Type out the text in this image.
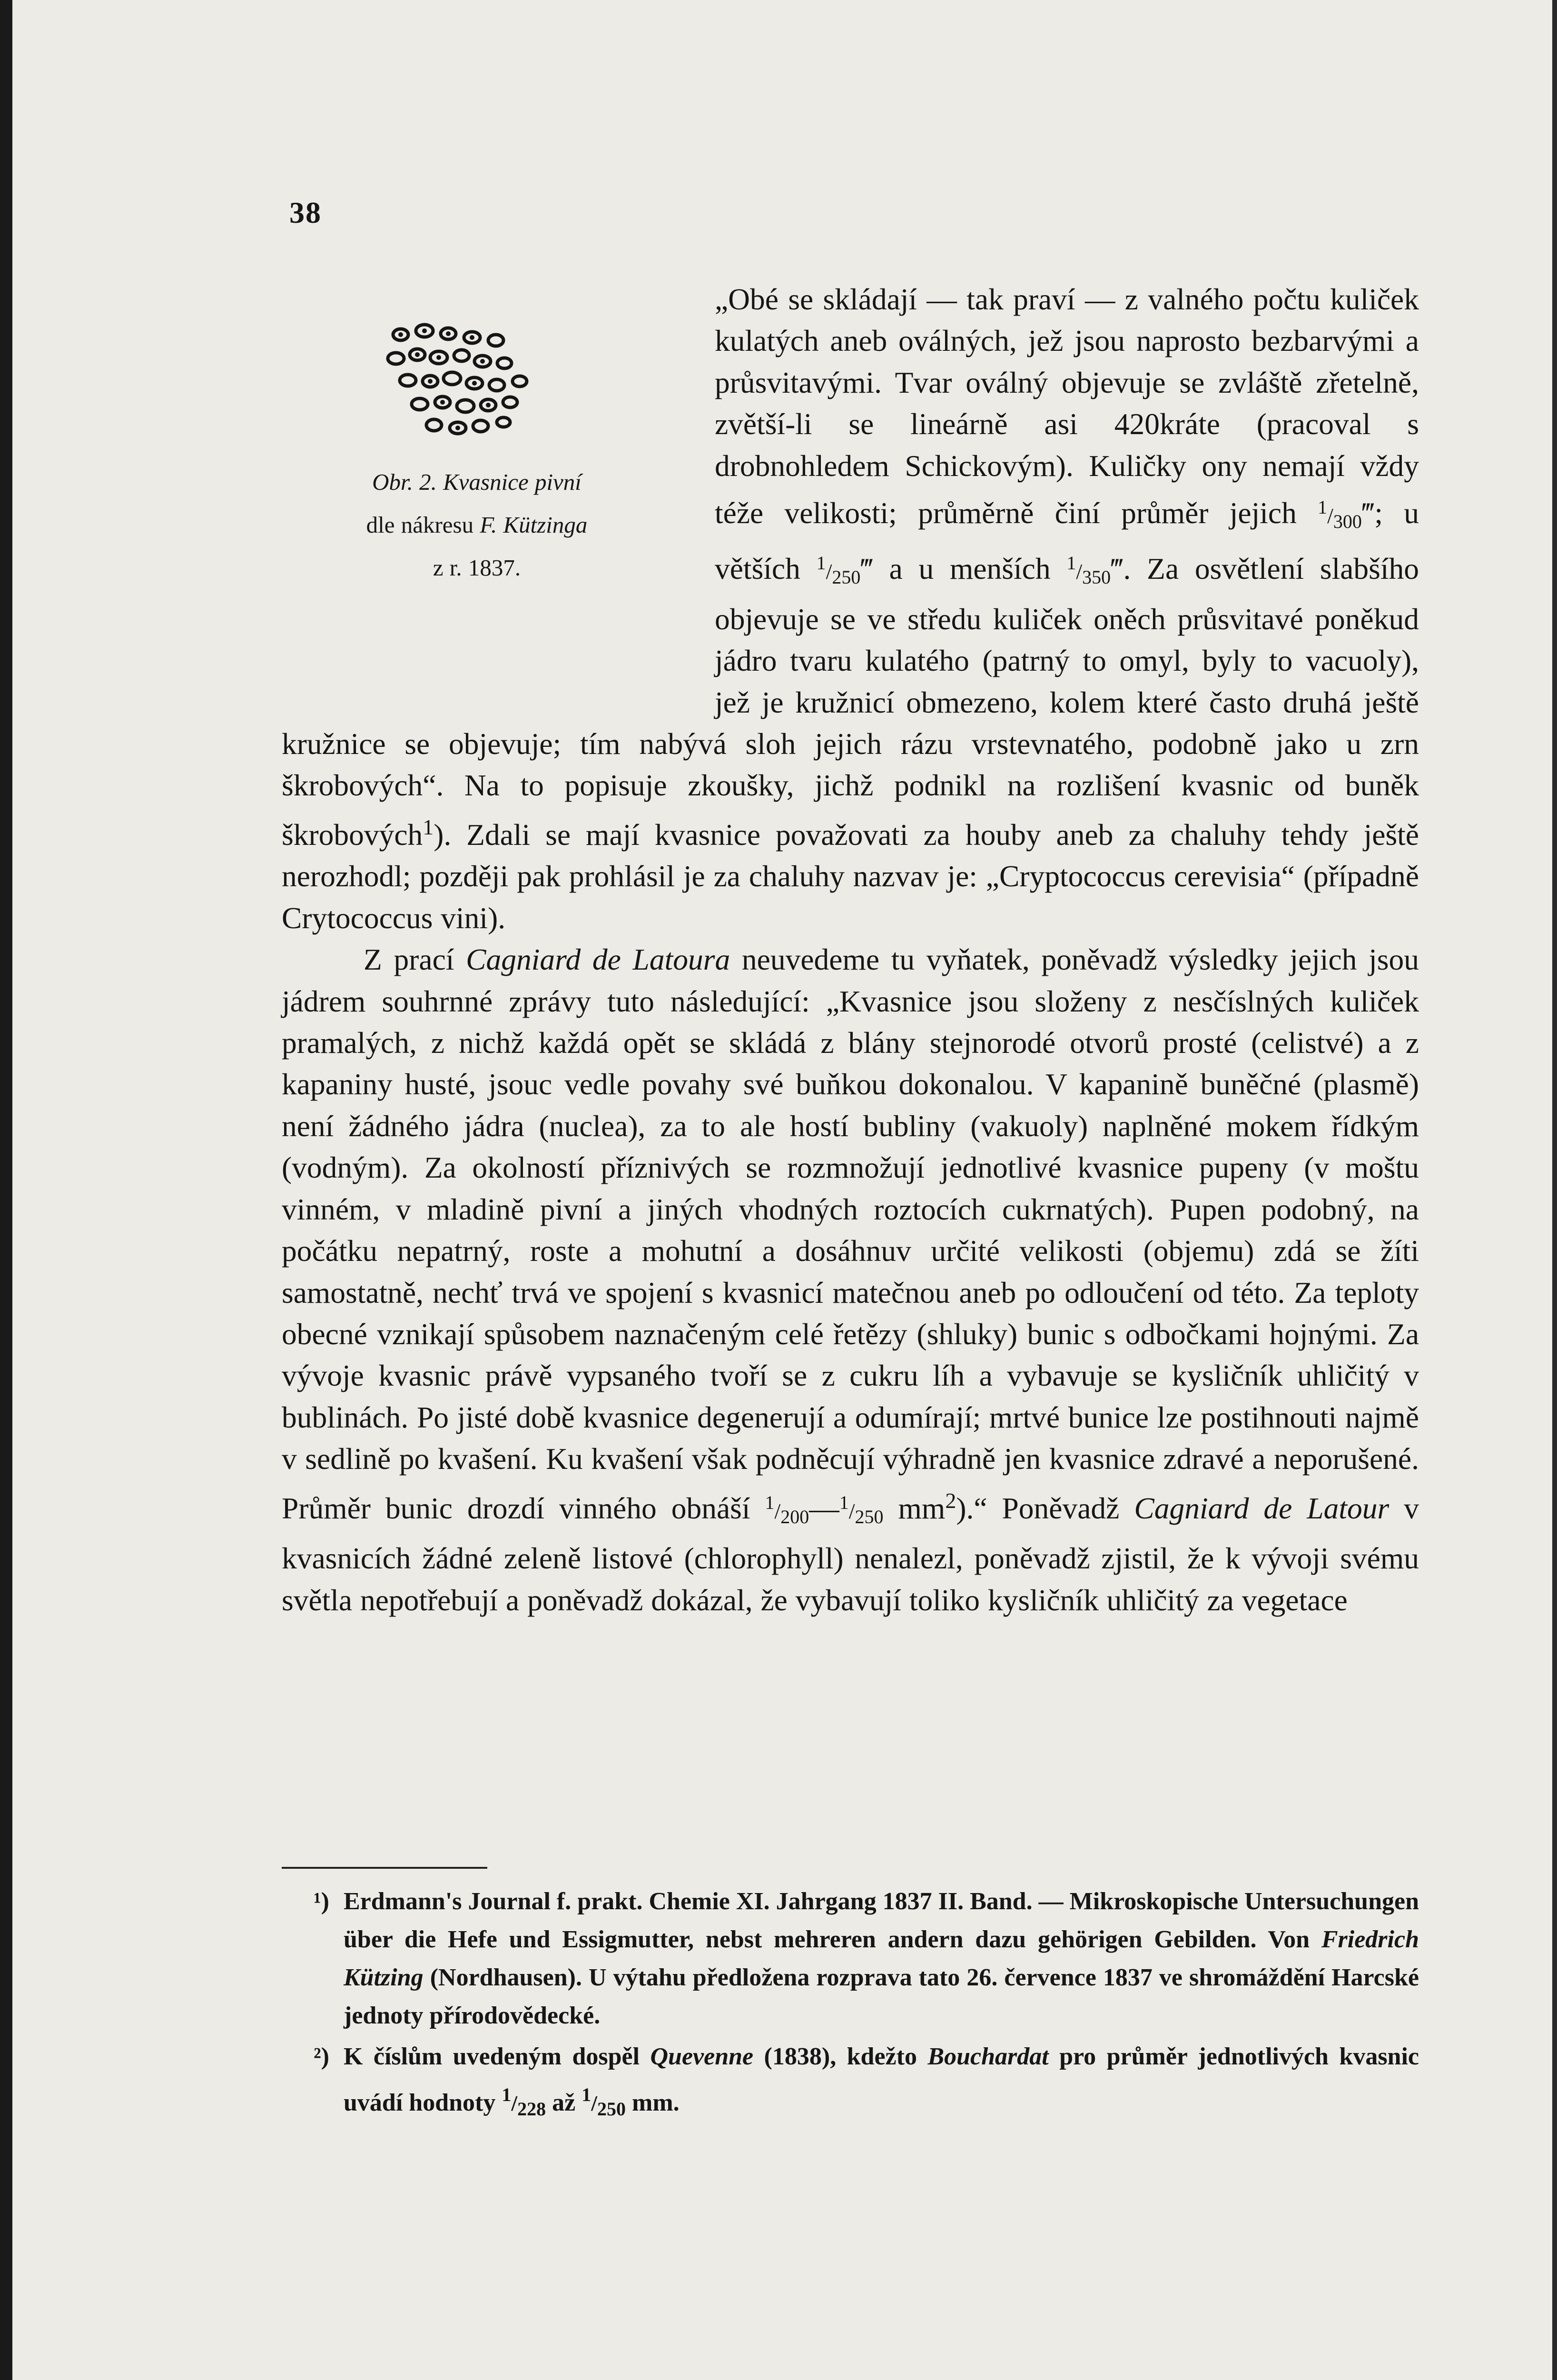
38
Obr. 2. Kvasnice pivní
dle nákresu F. Kützinga
z r. 1837.

„Obé se skládají — tak praví — z valného počtu kuliček kulatých aneb oválných, jež jsou naprosto bezbarvými a průsvitavými. Tvar oválný objevuje se zvláště zřetelně, zvětší-li se lineárně asi 420kráte (pracoval s drobnohledem Schickovým). Kuličky ony nemají vždy téže velikosti; průměrně činí průměr jejich $^1/_{300}‴$; u větších $^1/_{250}‴$ a u menších $^1/_{350}‴$. Za osvětlení slabšího objevuje se ve středu kuliček oněch průsvitavé poněkud jádro tvaru kulatého (patrný to omyl, byly to vacuoly), jež je kružnicí obmezeno, kolem které často druhá ještě kružnice se objevuje; tím nabývá sloh jejich rázu vrstevnatého, podobně jako u zrn škrobových“. Na to popisuje zkoušky, jichž podnikl na rozlišení kvasnic od buněk škrobových$^1$). Zdali se mají kvasnice považovati za houby aneb za chaluhy tehdy ještě nerozhodl; později pak prohlásil je za chaluhy nazvav je: „Cryptococcus cerevisia“ (případně Crytococcus vini).

Z prací Cagniard de Latoura neuvedeme tu vyňatek, poněvadž výsledky jejich jsou jádrem souhrnné zprávy tuto následující: „Kvasnice jsou složeny z nesčíslných kuliček pramalých, z nichž každá opět se skládá z blány stejnorodé otvorů prosté (celistvé) a z kapaniny husté, jsouc vedle povahy své buňkou dokonalou. V kapanině buněčné (plasmě) není žádného jádra (nuclea), za to ale hostí bubliny (vakuoly) naplněné mokem řídkým (vodným). Za okolností příznivých se rozmnožují jednotlivé kvasnice pupeny (v moštu vinném, v mladině pivní a jiných vhodných roztocích cukrnatých). Pupen podobný, na počátku nepatrný, roste a mohutní a dosáhnuv určité velikosti (objemu) zdá se žíti samostatně, nechť trvá ve spojení s kvasnicí matečnou aneb po odloučení od této. Za teploty obecné vznikají spůsobem naznačeným celé řetězy (shluky) bunic s odbočkami hojnými. Za vývoje kvasnic právě vypsaného tvoří se z cukru líh a vybavuje se kysličník uhličitý v bublinách. Po jisté době kvasnice degenerují a odumírají; mrtvé bunice lze postihnouti najmě v sedlině po kvašení. Ku kvašení však podněcují výhradně jen kvasnice zdravé a neporušené. Průměr bunic drozdí vinného obnáší $^1/_{200}—^1/_{250}$ $mm^2).“$ Poněvadž Cagniard de Latour v kvasnicích žádné zeleně listové (chlorophyll) nenalezl, poněvadž zjistil, že k vývoji svému světla nepotřebují a poněvadž dokázal, že vybavují toliko kysličník uhličitý za vegetace

¹) Erdmann's Journal f. prakt. Chemie XI. Jahrgang 1837 II. Band. — Mikroskopische Untersuchungen über die Hefe und Essigmutter, nebst mehreren andern dazu gehörigen Gebilden. Von Friedrich Kützing (Nordhausen). U výtahu předložena rozprava tato 26. července 1837 ve shromáždění Harcské jednoty přírodovědecké.

²) K číslům uvedeným dospěl Quevenne (1838), kdežto Bouchardat pro průměr jednotlivých kvasnic uvádí hodnoty $^1/_{228}$ až $^1/_{250}$ mm.
